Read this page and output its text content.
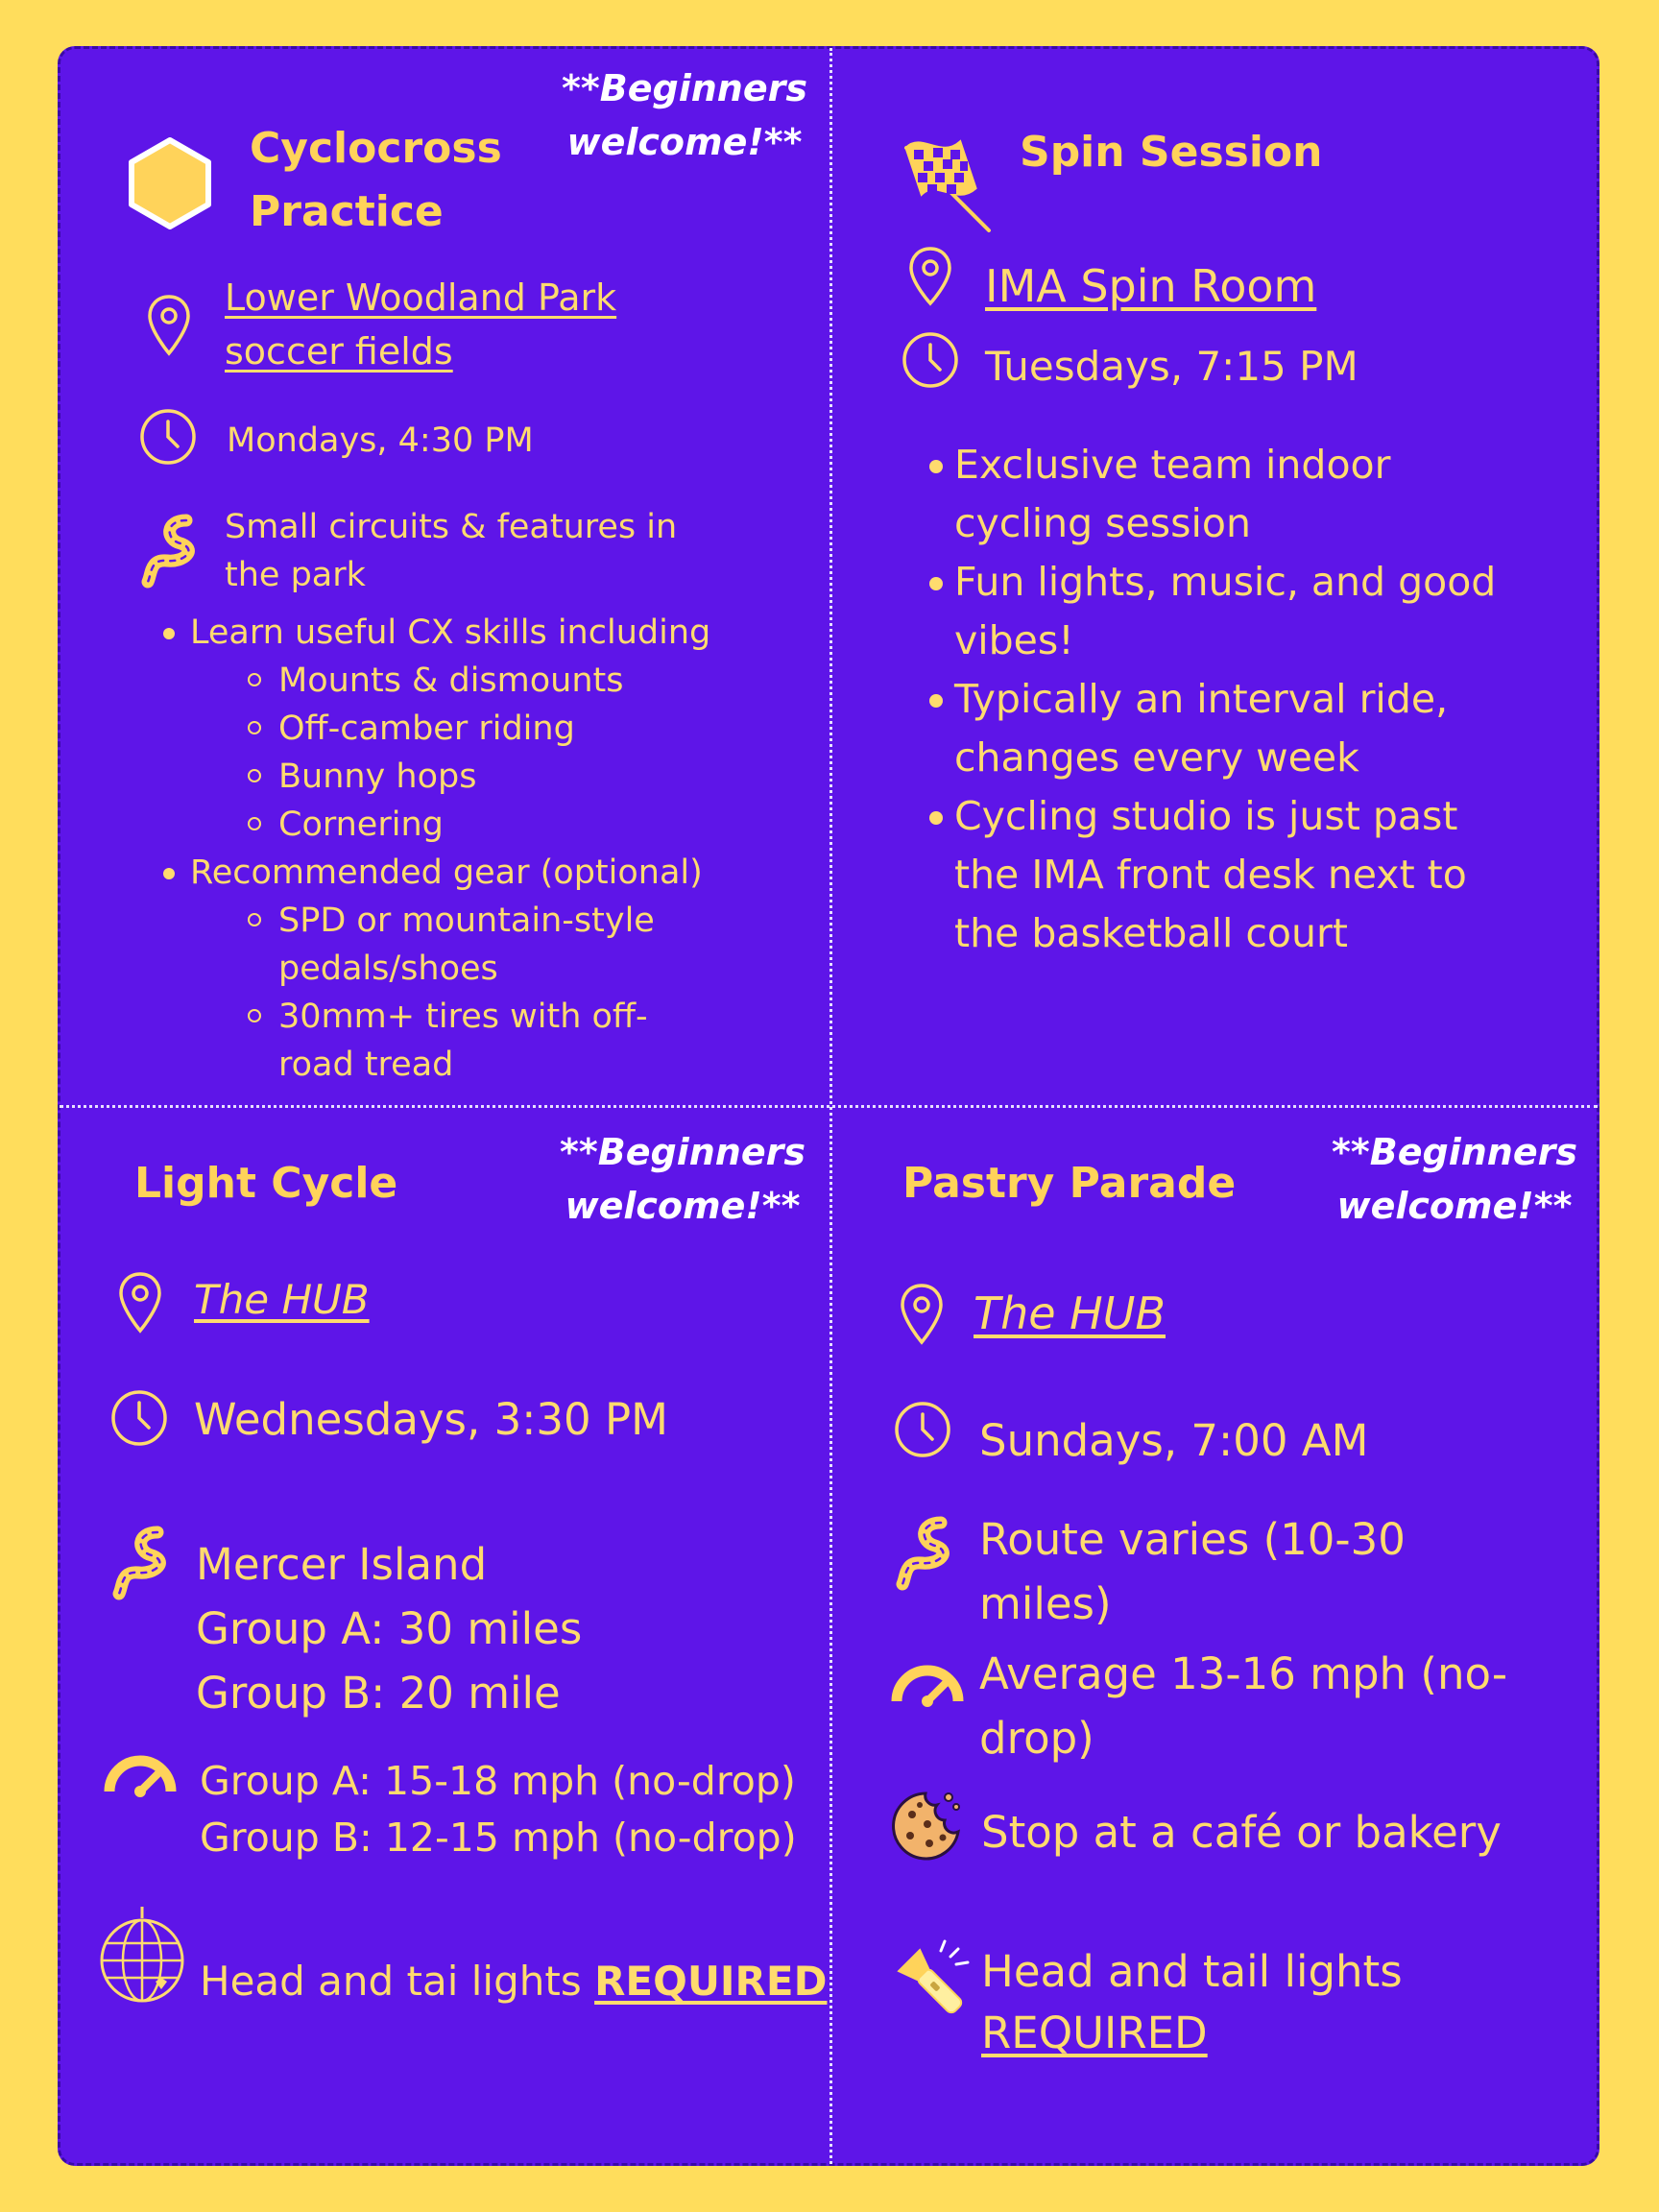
Cyclocross
Practice
**Beginners welcome!**
Lower Woodland Park
soccer fields
Mondays, 4:30 PM
Small circuits & features in
the park
Learn useful CX skills including
Mounts & dismounts
Off-camber riding
Bunny hops
Cornering
Recommended gear (optional)
SPD or mountain-style pedals/shoes
30mm+ tires with off-road tread
Spin Session
IMA Spin Room
Tuesdays, 7:15 PM
Exclusive team indoor cycling session
Fun lights, music, and good vibes!
Typically an interval ride, changes every week
Cycling studio is just past the IMA front desk next to the basketball court
Light Cycle
**Beginners welcome!**
The HUB
Wednesdays, 3:30 PM
Mercer Island
Group A: 30 miles
Group B: 20 mile
Group A: 15-18 mph (no-drop)
Group B: 12-15 mph (no-drop)
Head and tai lights REQUIRED
Pastry Parade
**Beginners welcome!**
The HUB
Sundays, 7:00 AM
Route varies (10-30 miles)
Average 13-16 mph (no-drop)
Stop at a café or bakery
Head and tail lights
REQUIRED
